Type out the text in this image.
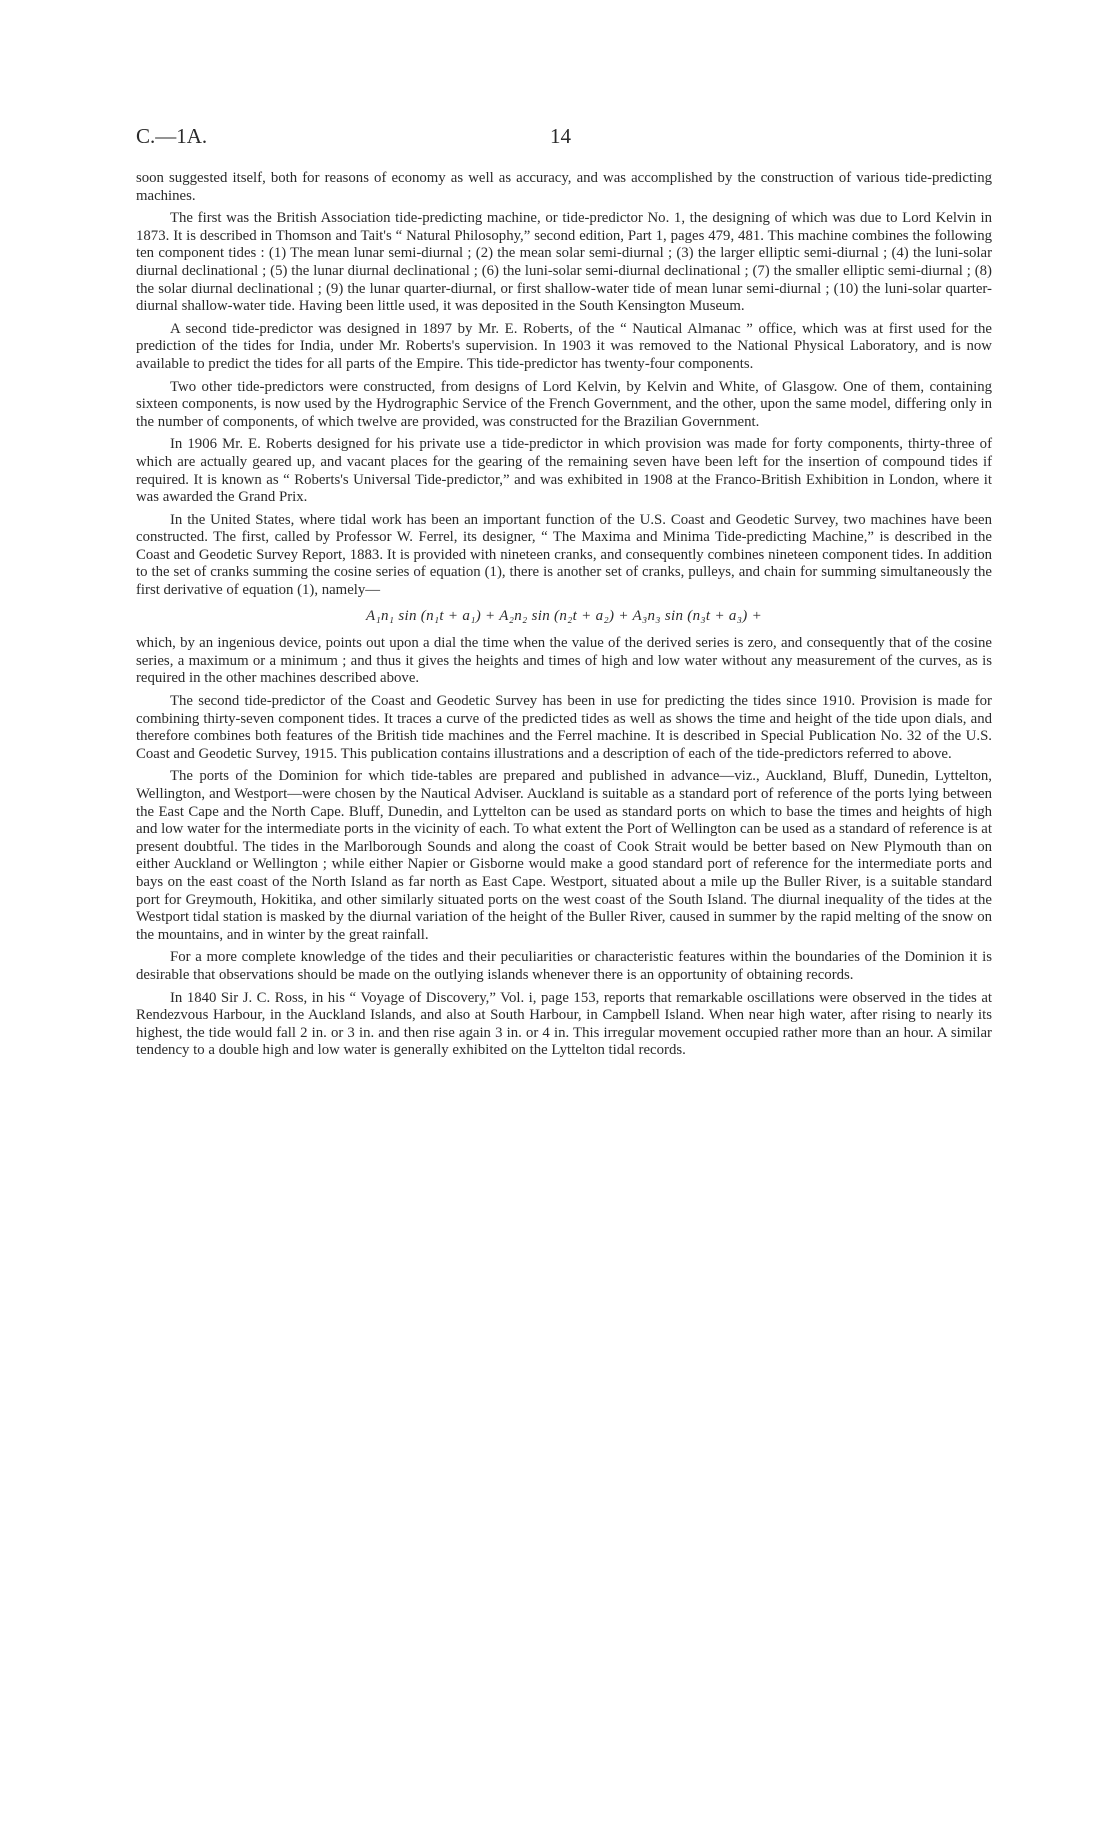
C.—1A.	14

soon suggested itself, both for reasons of economy as well as accuracy, and was accomplished by the construction of various tide-predicting machines.

The first was the British Association tide-predicting machine, or tide-predictor No. 1, the designing of which was due to Lord Kelvin in 1873. It is described in Thomson and Tait's “ Natural Philosophy,” second edition, Part 1, pages 479, 481. This machine combines the following ten component tides : (1) The mean lunar semi-diurnal ; (2) the mean solar semi-diurnal ; (3) the larger elliptic semi-diurnal ; (4) the luni-solar diurnal declinational ; (5) the lunar diurnal declinational ; (6) the luni-solar semi-diurnal declinational ; (7) the smaller elliptic semi-diurnal ; (8) the solar diurnal declinational ; (9) the lunar quarter-diurnal, or first shallow-water tide of mean lunar semi-diurnal ; (10) the luni-solar quarter-diurnal shallow-water tide. Having been little used, it was deposited in the South Kensington Museum.

A second tide-predictor was designed in 1897 by Mr. E. Roberts, of the “ Nautical Almanac ” office, which was at first used for the prediction of the tides for India, under Mr. Roberts's supervision. In 1903 it was removed to the National Physical Laboratory, and is now available to predict the tides for all parts of the Empire. This tide-predictor has twenty-four components.

Two other tide-predictors were constructed, from designs of Lord Kelvin, by Kelvin and White, of Glasgow. One of them, containing sixteen components, is now used by the Hydrographic Service of the French Government, and the other, upon the same model, differing only in the number of components, of which twelve are provided, was constructed for the Brazilian Government.

In 1906 Mr. E. Roberts designed for his private use a tide-predictor in which provision was made for forty components, thirty-three of which are actually geared up, and vacant places for the gearing of the remaining seven have been left for the insertion of compound tides if required. It is known as “ Roberts's Universal Tide-predictor,” and was exhibited in 1908 at the Franco-British Exhibition in London, where it was awarded the Grand Prix.

In the United States, where tidal work has been an important function of the U.S. Coast and Geodetic Survey, two machines have been constructed. The first, called by Professor W. Ferrel, its designer, “ The Maxima and Minima Tide-predicting Machine,” is described in the Coast and Geodetic Survey Report, 1883. It is provided with nineteen cranks, and consequently combines nineteen component tides. In addition to the set of cranks summing the cosine series of equation (1), there is another set of cranks, pulleys, and chain for summing simultaneously the first derivative of equation (1), namely—

A₁n₁ sin (n₁t + a₁) + A₂n₂ sin (n₂t + a₂) + A₃n₃ sin (n₃t + a₃) +

which, by an ingenious device, points out upon a dial the time when the value of the derived series is zero, and consequently that of the cosine series, a maximum or a minimum ; and thus it gives the heights and times of high and low water without any measurement of the curves, as is required in the other machines described above.

The second tide-predictor of the Coast and Geodetic Survey has been in use for predicting the tides since 1910. Provision is made for combining thirty-seven component tides. It traces a curve of the predicted tides as well as shows the time and height of the tide upon dials, and therefore combines both features of the British tide machines and the Ferrel machine. It is described in Special Publication No. 32 of the U.S. Coast and Geodetic Survey, 1915. This publication contains illustrations and a description of each of the tide-predictors referred to above.

The ports of the Dominion for which tide-tables are prepared and published in advance—viz., Auckland, Bluff, Dunedin, Lyttelton, Wellington, and Westport—were chosen by the Nautical Adviser. Auckland is suitable as a standard port of reference of the ports lying between the East Cape and the North Cape. Bluff, Dunedin, and Lyttelton can be used as standard ports on which to base the times and heights of high and low water for the intermediate ports in the vicinity of each. To what extent the Port of Wellington can be used as a standard of reference is at present doubtful. The tides in the Marlborough Sounds and along the coast of Cook Strait would be better based on New Plymouth than on either Auckland or Wellington ; while either Napier or Gisborne would make a good standard port of reference for the intermediate ports and bays on the east coast of the North Island as far north as East Cape. Westport, situated about a mile up the Buller River, is a suitable standard port for Greymouth, Hokitika, and other similarly situated ports on the west coast of the South Island. The diurnal inequality of the tides at the Westport tidal station is masked by the diurnal variation of the height of the Buller River, caused in summer by the rapid melting of the snow on the mountains, and in winter by the great rainfall.

For a more complete knowledge of the tides and their peculiarities or characteristic features within the boundaries of the Dominion it is desirable that observations should be made on the outlying islands whenever there is an opportunity of obtaining records.

In 1840 Sir J. C. Ross, in his “ Voyage of Discovery,” Vol. i, page 153, reports that remarkable oscillations were observed in the tides at Rendezvous Harbour, in the Auckland Islands, and also at South Harbour, in Campbell Island. When near high water, after rising to nearly its highest, the tide would fall 2 in. or 3 in. and then rise again 3 in. or 4 in. This irregular movement occupied rather more than an hour. A similar tendency to a double high and low water is generally exhibited on the Lyttelton tidal records.
